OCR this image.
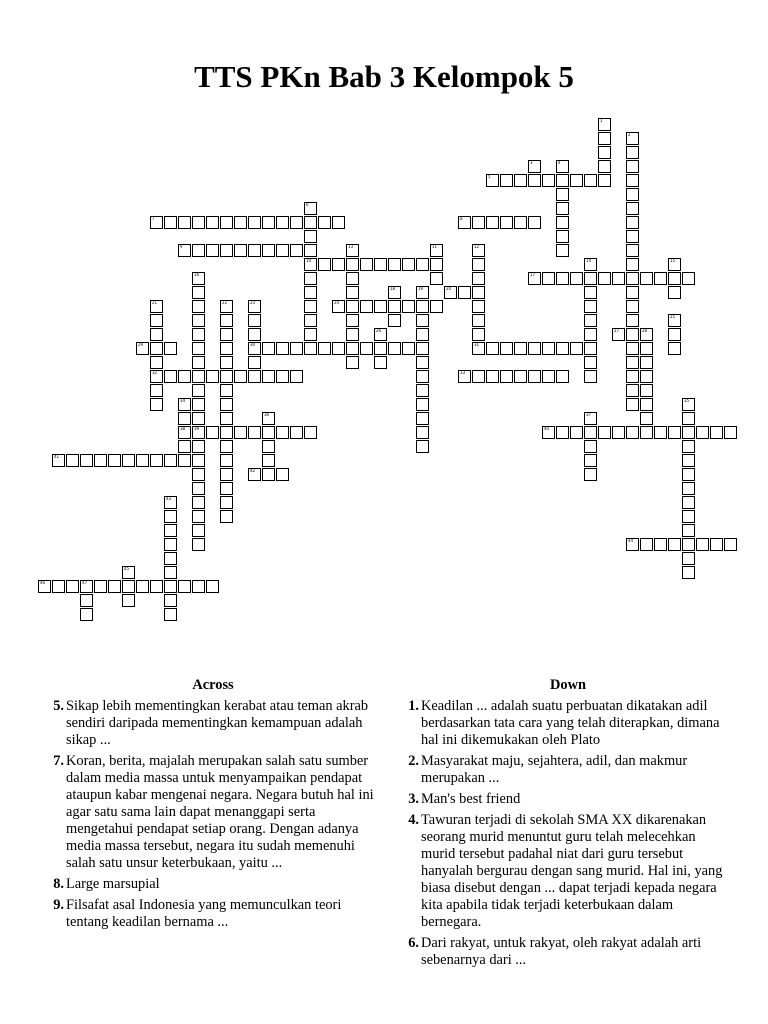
TTS PKn Bab 3 Kelompok 5
1
2
3	4
5
6
10
7	8
9	11	12
13
14	15
16
39
17
18	19	20
21
32
22	23
30
24
25
26	27	28
29	31
33
34
38
35
36	37
40
41
42
43
44
45
46	47
Across
5. Sikap lebih mementingkan kerabat atau teman akrab sendiri daripada mementingkan kemampuan adalah sikap ...
7. Koran, berita, majalah merupakan salah satu sumber dalam media massa untuk menyampaikan pendapat ataupun kabar mengenai negara. Negara butuh hal ini agar satu sama lain dapat menanggapi serta mengetahui pendapat setiap orang. Dengan adanya media massa tersebut, negara itu sudah memenuhi salah satu unsur keterbukaan, yaitu ...
8. Large marsupial
9. Filsafat asal Indonesia yang memunculkan teori tentang keadilan bernama ...
Down
1. Keadilan ... adalah suatu perbuatan dikatakan adil berdasarkan tata cara yang telah diterapkan, dimana hal ini dikemukakan oleh Plato
2. Masyarakat maju, sejahtera, adil, dan makmur merupakan ...
3. Man's best friend
4. Tawuran terjadi di sekolah SMA XX dikarenakan seorang murid menuntut guru telah melecehkan murid tersebut padahal niat dari guru tersebut hanyalah bergurau dengan sang murid. Hal ini, yang biasa disebut dengan ... dapat terjadi kepada negara kita apabila tidak terjadi keterbukaan dalam bernegara.
6. Dari rakyat, untuk rakyat, oleh rakyat adalah arti sebenarnya dari ...
